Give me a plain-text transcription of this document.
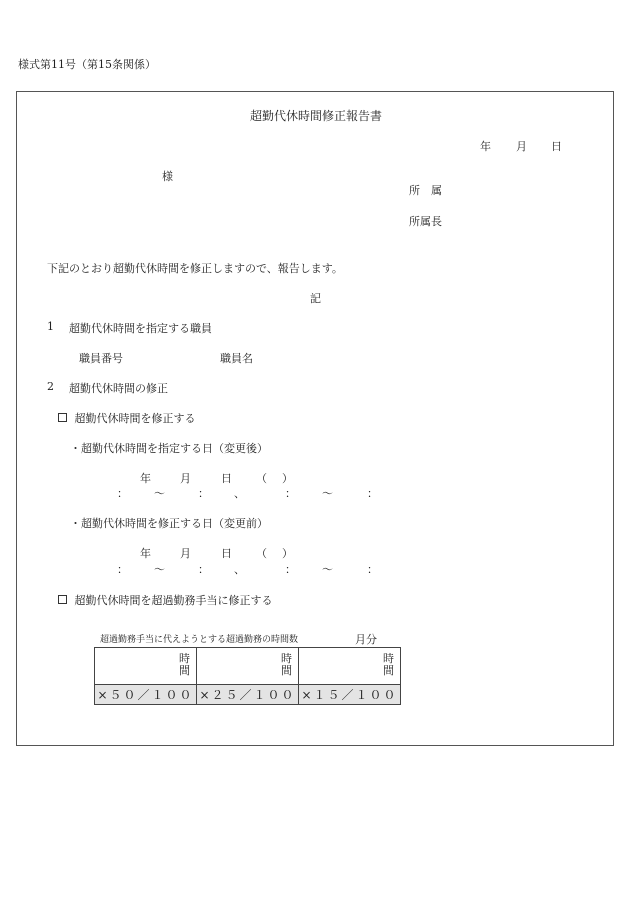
様式第11号（第15条関係）
超勤代休時間修正報告書
年 月 日
様
所　属
所属長
下記のとおり超勤代休時間を修正しますので、報告します。
記
1 超勤代休時間を指定する職員
職員番号	職員名
2 超勤代休時間の修正
超勤代休時間を修正する
・超勤代休時間を指定する日（変更後）
年	月	日 （ ）
： ～	： 、	： ～	：
・超勤代休時間を修正する日（変更前）
年	月	日 （ ）
： ～	： 、	： ～	：
超勤代休時間を超過勤務手当に修正する
超過勤務手当に代えようとする超過勤務の時間数	月分
時間	時間	時間
×５０／１００	×２５／１００	×１５／１００
